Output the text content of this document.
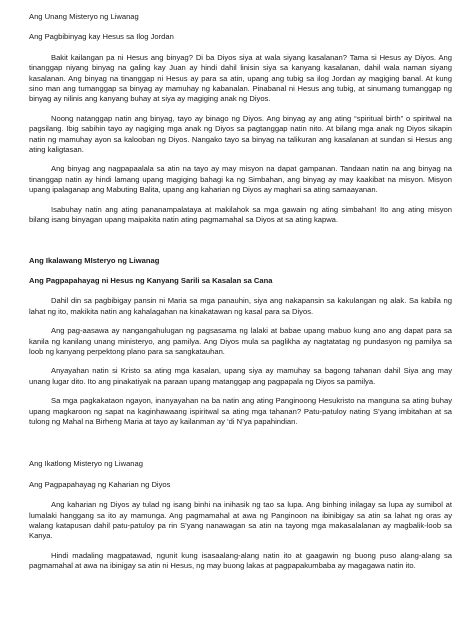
Ang Unang Misteryo ng Liwanag

Ang Pagbibinyag kay Hesus sa Ilog Jordan

Bakit kailangan pa ni Hesus ang binyag? Di ba Diyos siya at wala siyang kasalanan? Tama si Hesus ay Diyos. Ang tinanggap niyang binyag na galing kay Juan ay hindi dahil linisin siya sa kanyang kasalanan, dahil wala naman siyang kasalanan. Ang binyag na tinanggap ni Hesus ay para sa atin, upang ang tubig sa ilog Jordan ay magiging banal. At kung sino man ang tumanggap sa binyag ay mamuhay ng kabanalan. Pinabanal ni Hesus ang tubig, at sinumang tumanggap ng binyag ay nilinis ang kanyang buhay at siya ay magiging anak ng Diyos.

Noong natanggap natin ang binyag, tayo ay binago ng Diyos. Ang binyag ay ang ating “spiritual birth” o spiritwal na pagsilang. Ibig sabihin tayo ay nagiging mga anak ng Diyos sa pagtanggap natin nito. At bilang mga anak ng Diyos sikapin natin ng mamuhay ayon sa kalooban ng Diyos. Nangako tayo sa binyag na talikuran ang kasalanan at sundan si Hesus ang ating kaligtasan.

Ang binyag ang nagpapaalala sa atin na tayo ay may misyon na dapat gampanan. Tandaan natin na ang binyag na tinanggap natin ay hindi lamang upang magiging bahagi ka ng Simbahan, ang binyag ay may kaakibat na misyon. Misyon upang ipalaganap ang Mabuting Balita, upang ang kaharian ng Diyos ay maghari sa ating samaayanan.

Isabuhay natin ang ating pananampalataya at makilahok sa mga gawain ng ating simbahan! Ito ang ating misyon bilang isang binyagan upang maipakita natin ating pagmamahal sa Diyos at sa ating kapwa.

Ang Ikalawang MIsteryo ng Liwanag

Ang Pagpapahayag ni Hesus ng Kanyang Sarili sa Kasalan sa Cana

Dahil din sa pagbibigay pansin ni Maria sa mga panauhin, siya ang nakapansin sa kakulangan ng alak. Sa kabila ng lahat ng ito, makikita natin ang kahalagahan na kinakatawan ng kasal para sa Diyos.

Ang pag-aasawa ay nangangahulugan ng pagsasama ng lalaki at babae upang mabuo kung ano ang dapat para sa kanila ng kanilang unang ministeryo, ang pamilya. Ang Diyos mula sa paglikha ay nagtatatag ng pundasyon ng pamilya sa loob ng kanyang perpektong plano para sa sangkatauhan.

Anyayahan natin si Kristo sa ating mga kasalan, upang siya ay mamuhay sa bagong tahanan dahil Siya ang may unang lugar dito. Ito ang pinakatiyak na paraan upang matanggap ang pagpapala ng Diyos sa pamilya.

Sa mga pagkakataon ngayon, inanyayahan na ba natin ang ating Panginoong Hesukristo na manguna sa ating buhay upang magkaroon ng sapat na kaginhawaang ispiritwal sa ating mga tahanan? Patu-patuloy nating S’yang imbitahan at sa tulong ng Mahal na Birheng Maria at tayo ay kailanman ay ‘di N’ya papahindian.

Ang Ikatlong Misteryo ng Liwanag

Ang Pagpapahayag ng Kaharian ng Diyos

Ang kaharian ng Diyos ay tulad ng isang binhi na inihasik ng tao sa lupa. Ang binhing inilagay sa lupa ay sumibol at lumalaki hanggang sa ito ay mamunga. Ang pagmamahal at awa ng Panginoon na ibinibigay sa atin sa lahat ng oras ay walang katapusan dahil patu-patuloy pa rin S’yang nanawagan sa atin na tayong mga makasalalanan ay magbalik-loob sa Kanya.

Hindi madaling magpatawad, ngunit kung isasaalang-alang natin ito at gaagawin ng buong puso alang-alang sa pagmamahal at awa na ibinigay sa atin ni Hesus, ng may buong lakas at pagpapakumbaba ay magagawa natin ito.
